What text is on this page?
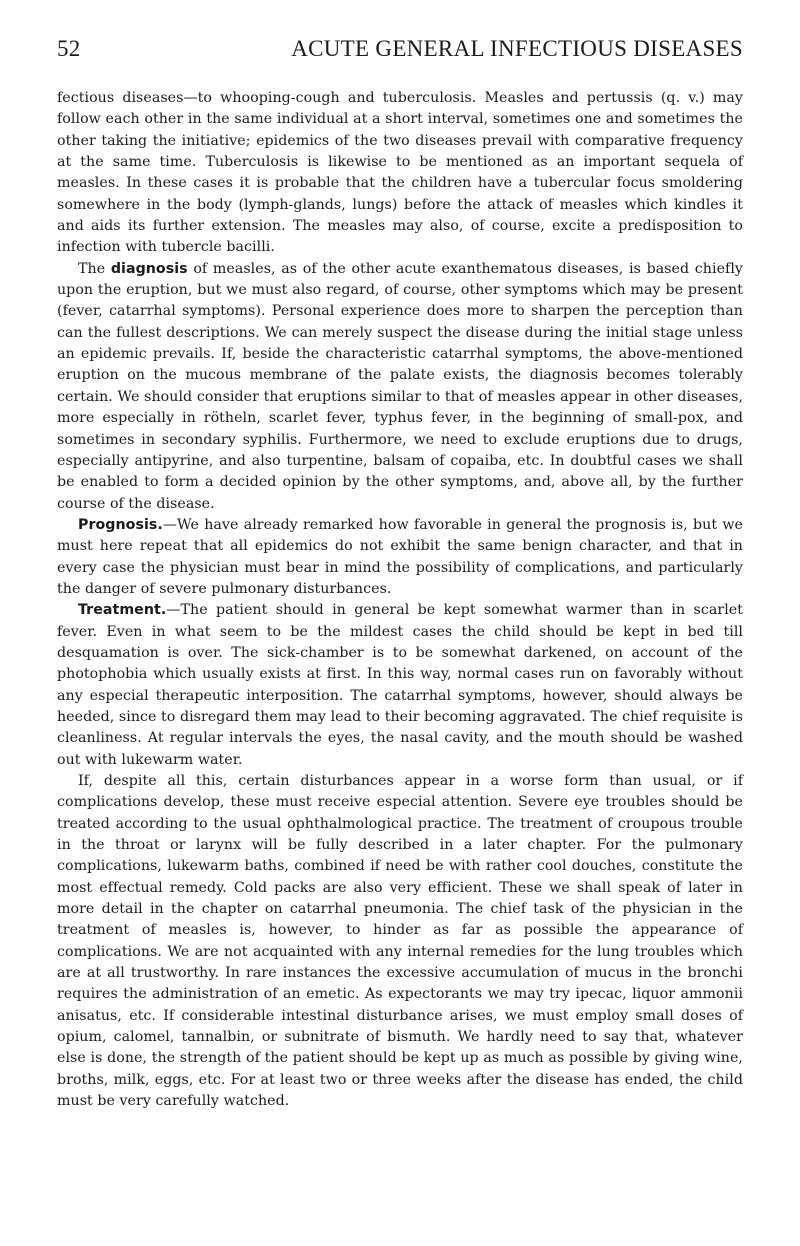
52	ACUTE GENERAL INFECTIOUS DISEASES

fectious diseases—to whooping-cough and tuberculosis. Measles and pertussis (q. v.) may follow each other in the same individual at a short interval, sometimes one and sometimes the other taking the initiative; epidemics of the two diseases prevail with comparative frequency at the same time. Tuberculosis is likewise to be mentioned as an important sequela of measles. In these cases it is probable that the children have a tubercular focus smoldering somewhere in the body (lymph-glands, lungs) before the attack of measles which kindles it and aids its further extension. The measles may also, of course, excite a predisposition to infection with tubercle bacilli.

The diagnosis of measles, as of the other acute exanthematous diseases, is based chiefly upon the eruption, but we must also regard, of course, other symptoms which may be present (fever, catarrhal symptoms). Personal experience does more to sharpen the perception than can the fullest descriptions. We can merely suspect the disease during the initial stage unless an epidemic prevails. If, beside the characteristic catarrhal symptoms, the above-mentioned eruption on the mucous membrane of the palate exists, the diagnosis becomes tolerably certain. We should consider that eruptions similar to that of measles appear in other diseases, more especially in rötheln, scarlet fever, typhus fever, in the beginning of small-pox, and sometimes in secondary syphilis. Furthermore, we need to exclude eruptions due to drugs, especially antipyrine, and also turpentine, balsam of copaiba, etc. In doubtful cases we shall be enabled to form a decided opinion by the other symptoms, and, above all, by the further course of the disease.

Prognosis.—We have already remarked how favorable in general the prognosis is, but we must here repeat that all epidemics do not exhibit the same benign character, and that in every case the physician must bear in mind the possibility of complications, and particularly the danger of severe pulmonary disturbances.

Treatment.—The patient should in general be kept somewhat warmer than in scarlet fever. Even in what seem to be the mildest cases the child should be kept in bed till desquamation is over. The sick-chamber is to be somewhat darkened, on account of the photophobia which usually exists at first. In this way, normal cases run on favorably without any especial therapeutic interposition. The catarrhal symptoms, however, should always be heeded, since to disregard them may lead to their becoming aggravated. The chief requisite is cleanliness. At regular intervals the eyes, the nasal cavity, and the mouth should be washed out with lukewarm water.

If, despite all this, certain disturbances appear in a worse form than usual, or if complications develop, these must receive especial attention. Severe eye troubles should be treated according to the usual ophthalmological practice. The treatment of croupous trouble in the throat or larynx will be fully described in a later chapter. For the pulmonary complications, lukewarm baths, combined if need be with rather cool douches, constitute the most effectual remedy. Cold packs are also very efficient. These we shall speak of later in more detail in the chapter on catarrhal pneumonia. The chief task of the physician in the treatment of measles is, however, to hinder as far as possible the appearance of complications. We are not acquainted with any internal remedies for the lung troubles which are at all trustworthy. In rare instances the excessive accumulation of mucus in the bronchi requires the administration of an emetic. As expectorants we may try ipecac, liquor ammonii anisatus, etc. If considerable intestinal disturbance arises, we must employ small doses of opium, calomel, tannalbin, or subnitrate of bismuth. We hardly need to say that, whatever else is done, the strength of the patient should be kept up as much as possible by giving wine, broths, milk, eggs, etc. For at least two or three weeks after the disease has ended, the child must be very carefully watched.
